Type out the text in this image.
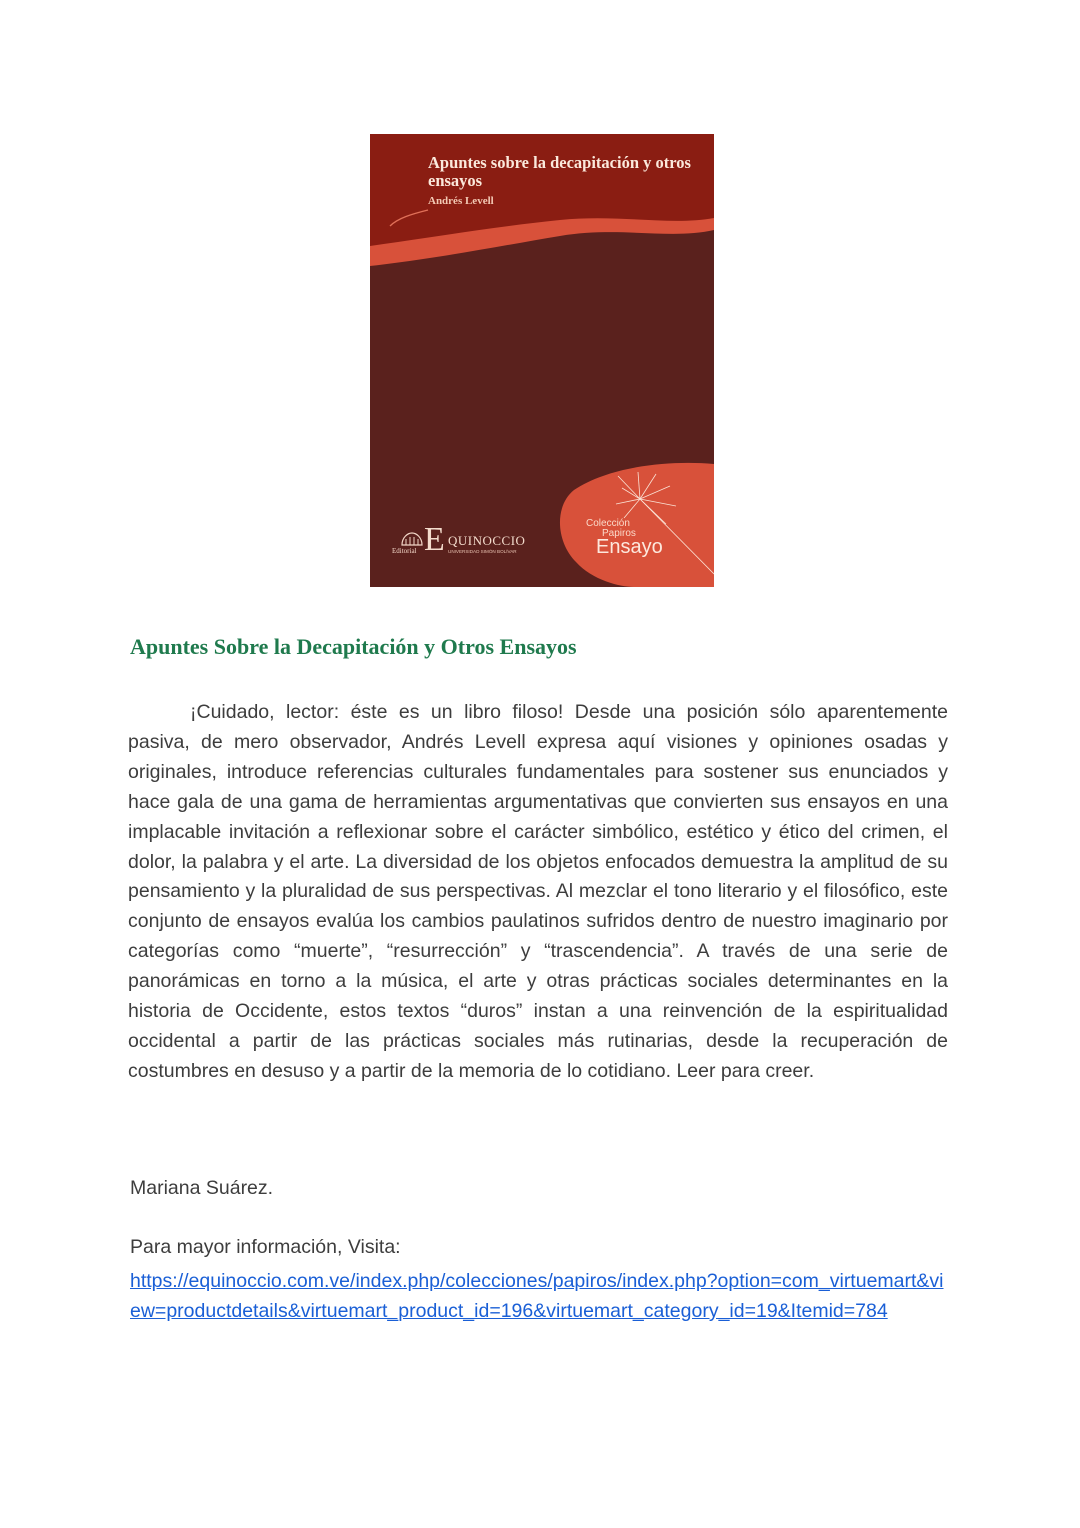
Apuntes sobre la decapitación y otros ensayos

Andrés Levell

Editorial E QUINOCCIO
UNIVERSIDAD SIMÓN BOLÍVAR

Colección

Papiros

Ensayo

Apuntes Sobre la Decapitación y Otros Ensayos

¡Cuidado, lector: éste es un libro filoso! Desde una posición sólo aparentemente pasiva, de mero observador, Andrés Levell expresa aquí visiones y opiniones osadas y originales, introduce referencias culturales fundamentales para sostener sus enunciados y hace gala de una gama de herramientas argumentativas que convierten sus ensayos en una implacable invitación a reflexionar sobre el carácter simbólico, estético y ético del crimen, el dolor, la palabra y el arte. La diversidad de los objetos enfocados demuestra la amplitud de su pensamiento y la pluralidad de sus perspectivas. Al mezclar el tono literario y el filosófico, este conjunto de ensayos evalúa los cambios paulatinos sufridos dentro de nuestro imaginario por categorías como “muerte”, “resurrección” y “trascendencia”. A través de una serie de panorámicas en torno a la música, el arte y otras prácticas sociales determinantes en la historia de Occidente, estos textos “duros” instan a una reinvención de la espiritualidad occidental a partir de las prácticas sociales más rutinarias, desde la recuperación de costumbres en desuso y a partir de la memoria de lo cotidiano. Leer para creer.

Mariana Suárez.

Para mayor información, Visita:

https://equinoccio.com.ve/index.php/colecciones/papiros/index.php?option=com_virtuemart&view=productdetails&virtuemart_product_id=196&virtuemart_category_id=19&Itemid=784
